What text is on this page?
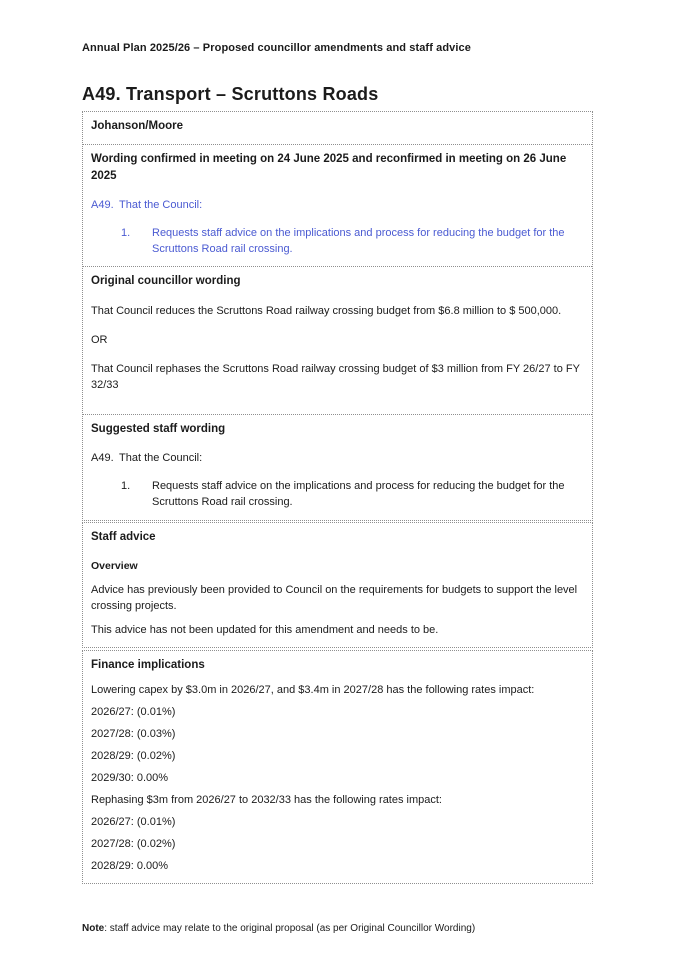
Annual Plan 2025/26 – Proposed councillor amendments and staff advice
A49. Transport – Scruttons Roads

Johanson/Moore

Wording confirmed in meeting on 24 June 2025 and reconfirmed in meeting on 26 June 2025

A49. That the Council:
1.	Requests staff advice on the implications and process for reducing the budget for the Scruttons Road rail crossing.

Original councillor wording

That Council reduces the Scruttons Road railway crossing budget from $6.8 million to $ 500,000.

OR

That Council rephases the Scruttons Road railway crossing budget of $3 million from FY 26/27 to FY 32/33

Suggested staff wording

A49. That the Council:
1.	Requests staff advice on the implications and process for reducing the budget for the Scruttons Road rail crossing.

Staff advice

Overview

Advice has previously been provided to Council on the requirements for budgets to support the level crossing projects.

This advice has not been updated for this amendment and needs to be.

Finance implications

Lowering capex by $3.0m in 2026/27, and $3.4m in 2027/28 has the following rates impact:

2026/27: (0.01%)

2027/28: (0.03%)

2028/29: (0.02%)

2029/30: 0.00%

Rephasing $3m from 2026/27 to 2032/33 has the following rates impact:

2026/27: (0.01%)

2027/28: (0.02%)

2028/29: 0.00%

Note: staff advice may relate to the original proposal (as per Original Councillor Wording)
